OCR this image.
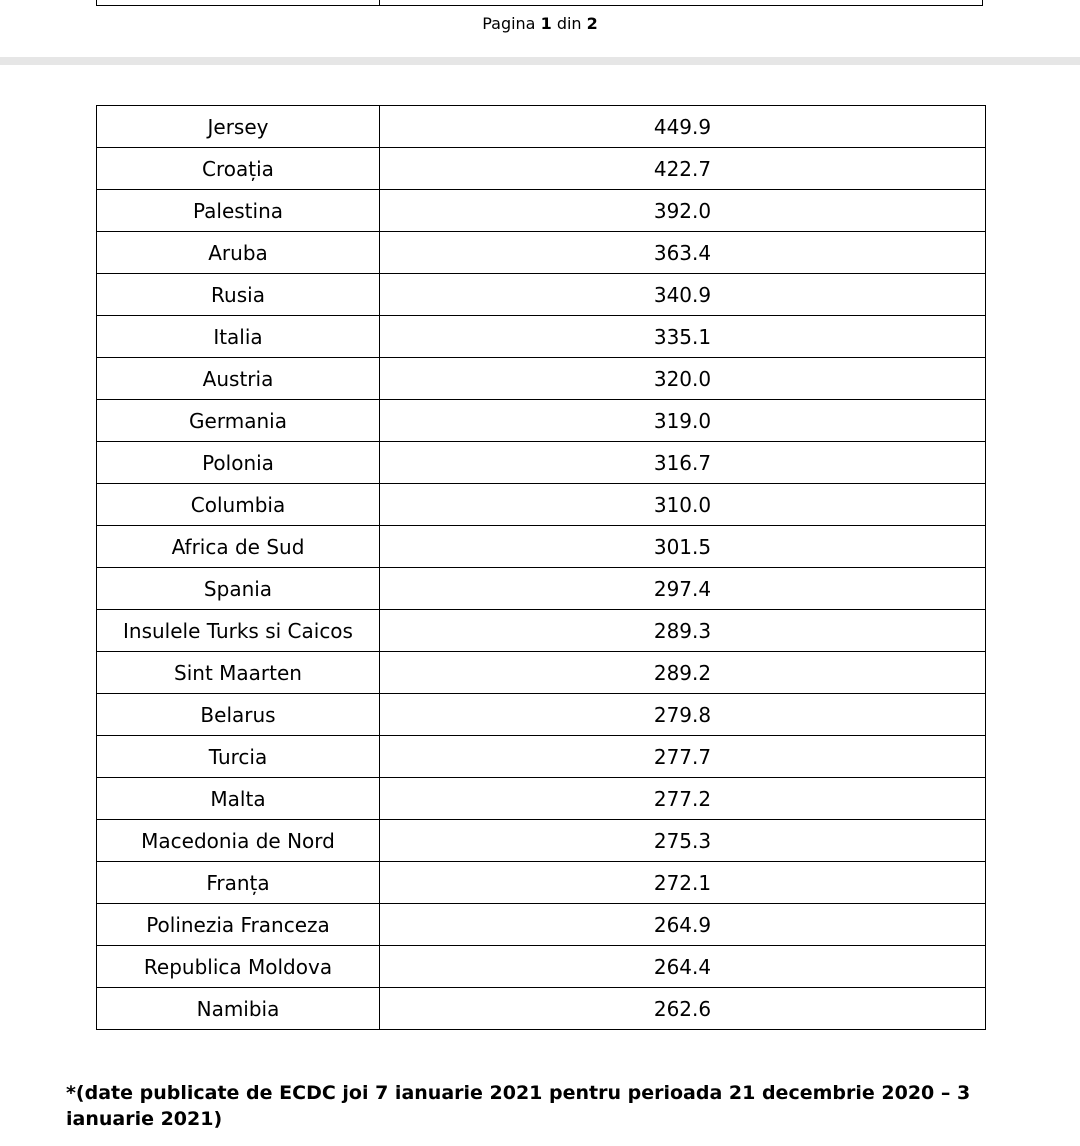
Pagina 1 din 2
Jersey	449.9
Croația	422.7
Palestina	392.0
Aruba	363.4
Rusia	340.9
Italia	335.1
Austria	320.0
Germania	319.0
Polonia	316.7
Columbia	310.0
Africa de Sud	301.5
Spania	297.4
Insulele Turks si Caicos	289.3
Sint Maarten	289.2
Belarus	279.8
Turcia	277.7
Malta	277.2
Macedonia de Nord	275.3
Franța	272.1
Polinezia Franceza	264.9
Republica Moldova	264.4
Namibia	262.6
*(date publicate de ECDC joi 7 ianuarie 2021 pentru perioada 21 decembrie 2020 – 3 ianuarie 2021)
